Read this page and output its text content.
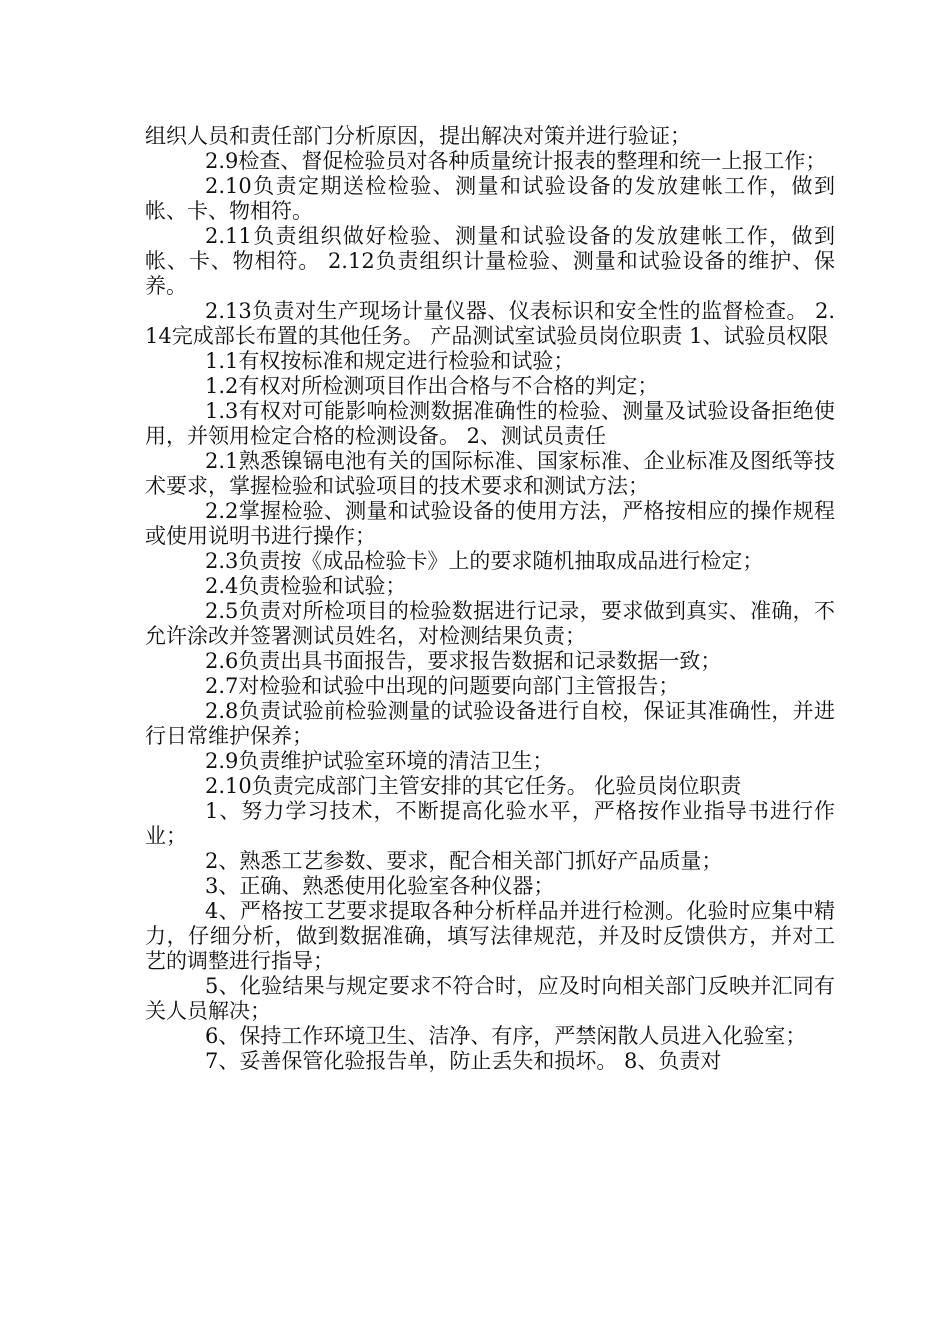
组织人员和责任部门分析原因，提出解决对策并进行验证；

2.9检查、督促检验员对各种质量统计报表的整理和统一上报工作；

2.10负责定期送检检验、测量和试验设备的发放建帐工作，做到帐、卡、物相符。

2.11负责组织做好检验、测量和试验设备的发放建帐工作，做到帐、卡、物相符。 2.12负责组织计量检验、测量和试验设备的维护、保养。

2.13负责对生产现场计量仪器、仪表标识和安全性的监督检查。 2.14完成部长布置的其他任务。 产品测试室试验员岗位职责 1、试验员权限

1.1有权按标准和规定进行检验和试验；

1.2有权对所检测项目作出合格与不合格的判定；

1.3有权对可能影响检测数据准确性的检验、测量及试验设备拒绝使用，并领用检定合格的检测设备。 2、测试员责任

2.1熟悉镍镉电池有关的国际标准、国家标准、企业标准及图纸等技术要求，掌握检验和试验项目的技术要求和测试方法；

2.2掌握检验、测量和试验设备的使用方法，严格按相应的操作规程或使用说明书进行操作；

2.3负责按《成品检验卡》上的要求随机抽取成品进行检定；

2.4负责检验和试验；

2.5负责对所检项目的检验数据进行记录，要求做到真实、准确，不允许涂改并签署测试员姓名，对检测结果负责；

2.6负责出具书面报告，要求报告数据和记录数据一致；

2.7对检验和试验中出现的问题要向部门主管报告；

2.8负责试验前检验测量的试验设备进行自校，保证其准确性，并进行日常维护保养；

2.9负责维护试验室环境的清洁卫生；

2.10负责完成部门主管安排的其它任务。 化验员岗位职责

1、努力学习技术，不断提高化验水平，严格按作业指导书进行作业；

2、熟悉工艺参数、要求，配合相关部门抓好产品质量；

3、正确、熟悉使用化验室各种仪器；

4、严格按工艺要求提取各种分析样品并进行检测。化验时应集中精力，仔细分析，做到数据准确，填写法律规范，并及时反馈供方，并对工艺的调整进行指导；

5、化验结果与规定要求不符合时，应及时向相关部门反映并汇同有关人员解决；

6、保持工作环境卫生、洁净、有序，严禁闲散人员进入化验室；

7、妥善保管化验报告单，防止丢失和损坏。 8、负责对
